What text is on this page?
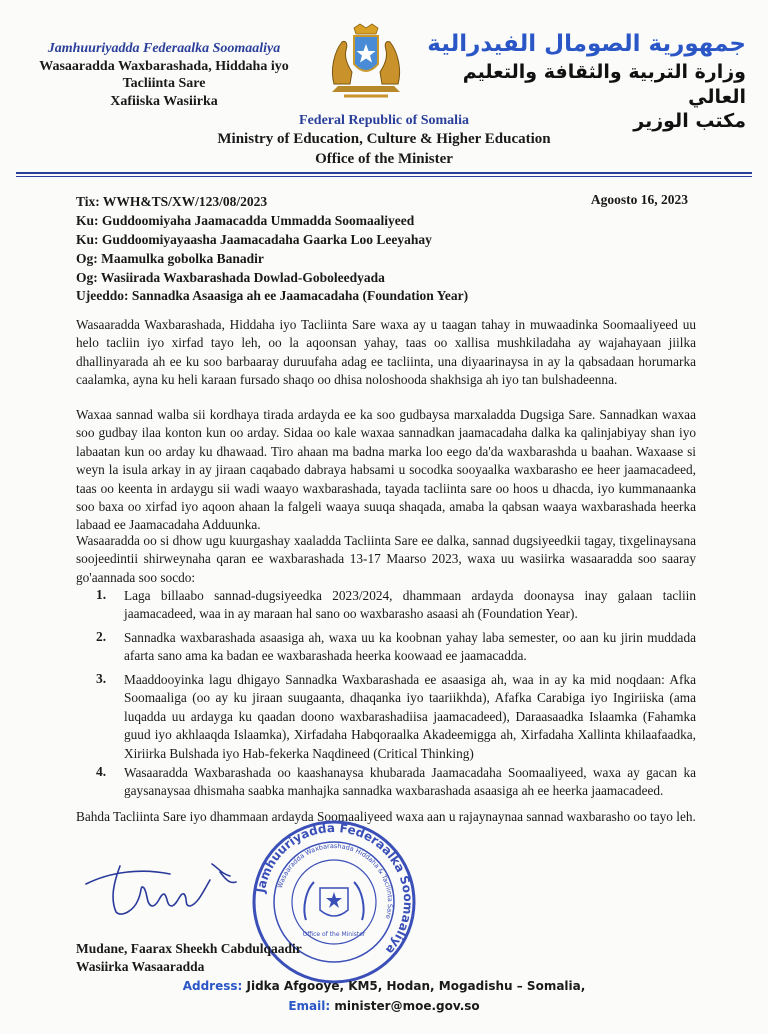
Jamhuuriyadda Federaalka Soomaaliya
Wasaaradda Waxbarashada, Hiddaha iyo
Tacliinta Sare
Xafiiska Wasiirka
جمهورية الصومال الفيدرالية
وزارة التربية والثقافة والتعليم العالي
مكتب الوزير
Federal Republic of Somalia
Ministry of Education, Culture & Higher Education
Office of the Minister
Tix: WWH&TS/XW/123/08/2023
Ku: Guddoomiyaha Jaamacadda Ummadda Soomaaliyeed
Ku: Guddoomiyayaasha Jaamacadaha Gaarka Loo Leeyahay
Og: Maamulka gobolka Banadir
Og: Wasiirada Waxbarashada Dowlad-Goboleedyada
Agoosto 16, 2023
Ujeeddo: Sannadka Asaasiga ah ee Jaamacadaha (Foundation Year)
Wasaaradda Waxbarashada, Hiddaha iyo Tacliinta Sare waxa ay u taagan tahay in muwaadinka Soomaaliyeed uu helo tacliin iyo xirfad tayo leh, oo la aqoonsan yahay, taas oo xallisa mushkiladaha ay wajahayaan jiilka dhallinyarada ah ee ku soo barbaaray duruufaha adag ee tacliinta, una diyaarinaysa in ay la qabsadaan horumarka caalamka, ayna ku heli karaan fursado shaqo oo dhisa noloshooda shakhsiga ah iyo tan bulshadeenna.
Waxaa sannad walba sii kordhaya tirada ardayda ee ka soo gudbaysa marxaladda Dugsiga Sare. Sannadkan waxaa soo gudbay ilaa konton kun oo arday. Sidaa oo kale waxaa sannadkan jaamacadaha dalka ka qalinjabiyay shan iyo labaatan kun oo arday ku dhawaad. Tiro ahaan ma badna marka loo eego da'da waxbarashda u baahan. Waxaase si weyn la isula arkay in ay jiraan caqabado dabraya habsami u socodka sooyaalka waxbarasho ee heer jaamacadeed, taas oo keenta in ardaygu sii wadi waayo waxbarashada, tayada tacliinta sare oo hoos u dhacda, iyo kummanaanka soo baxa oo xirfad iyo aqoon ahaan la falgeli waaya suuqa shaqada, amaba la qabsan waaya waxbarashada heerka labaad ee Jaamacadaha Adduunka.
Wasaaradda oo si dhow ugu kuurgashay xaaladda Tacliinta Sare ee dalka, sannad dugsiyeedkii tagay, tixgelinaysana soojeedintii shirweynaha qaran ee waxbarashada 13-17 Maarso 2023, waxa uu wasiirka wasaaradda soo saaray go'aannada soo socdo:
1.	Laga billaabo sannad-dugsiyeedka 2023/2024, dhammaan ardayda doonaysa inay galaan tacliin jaamacadeed, waa in ay maraan hal sano oo waxbarasho asaasi ah (Foundation Year).
2.	Sannadka waxbarashada asaasiga ah, waxa uu ka koobnan yahay laba semester, oo aan ku jirin muddada afarta sano ama ka badan ee waxbarashada heerka koowaad ee jaamacadda.
3.	Maaddooyinka lagu dhigayo Sannadka Waxbarashada ee asaasiga ah, waa in ay ka mid noqdaan: Afka Soomaaliga (oo ay ku jiraan suugaanta, dhaqanka iyo taariikhda), Afafka Carabiga iyo Ingiriiska (ama luqadda uu ardayga ku qaadan doono waxbarashadiisa jaamacadeed), Daraasaadka Islaamka (Fahamka guud iyo akhlaaqda Islaamka), Xirfadaha Habqoraalka Akadeemigga ah, Xirfadaha Xallinta khilaafaadka, Xiriirka Bulshada iyo Hab-fekerka Naqdineed (Critical Thinking)
4.	Wasaaradda Waxbarashada oo kaashanaysa khubarada Jaamacadaha Soomaaliyeed, waxa ay gacan ka gaysanaysaa dhismaha saabka manhajka sannadka waxbarashada asaasiga ah ee heerka jaamacadeed.
Bahda Tacliinta Sare iyo dhammaan ardayda Soomaaliyeed waxa aan u rajaynaynaa sannad waxbarasho oo tayo leh.
Jamhuuriyadda Federaalka Soomaaliya
Wasaaradda Waxbarashada Hiddaha & Tacliinta Sare
Office of the Minister
Mudane, Faarax Sheekh Cabdulqaadir
Wasiirka Wasaaradda
Address: Jidka Afgooye, KM5, Hodan, Mogadishu – Somalia,
Email: minister@moe.gov.so
